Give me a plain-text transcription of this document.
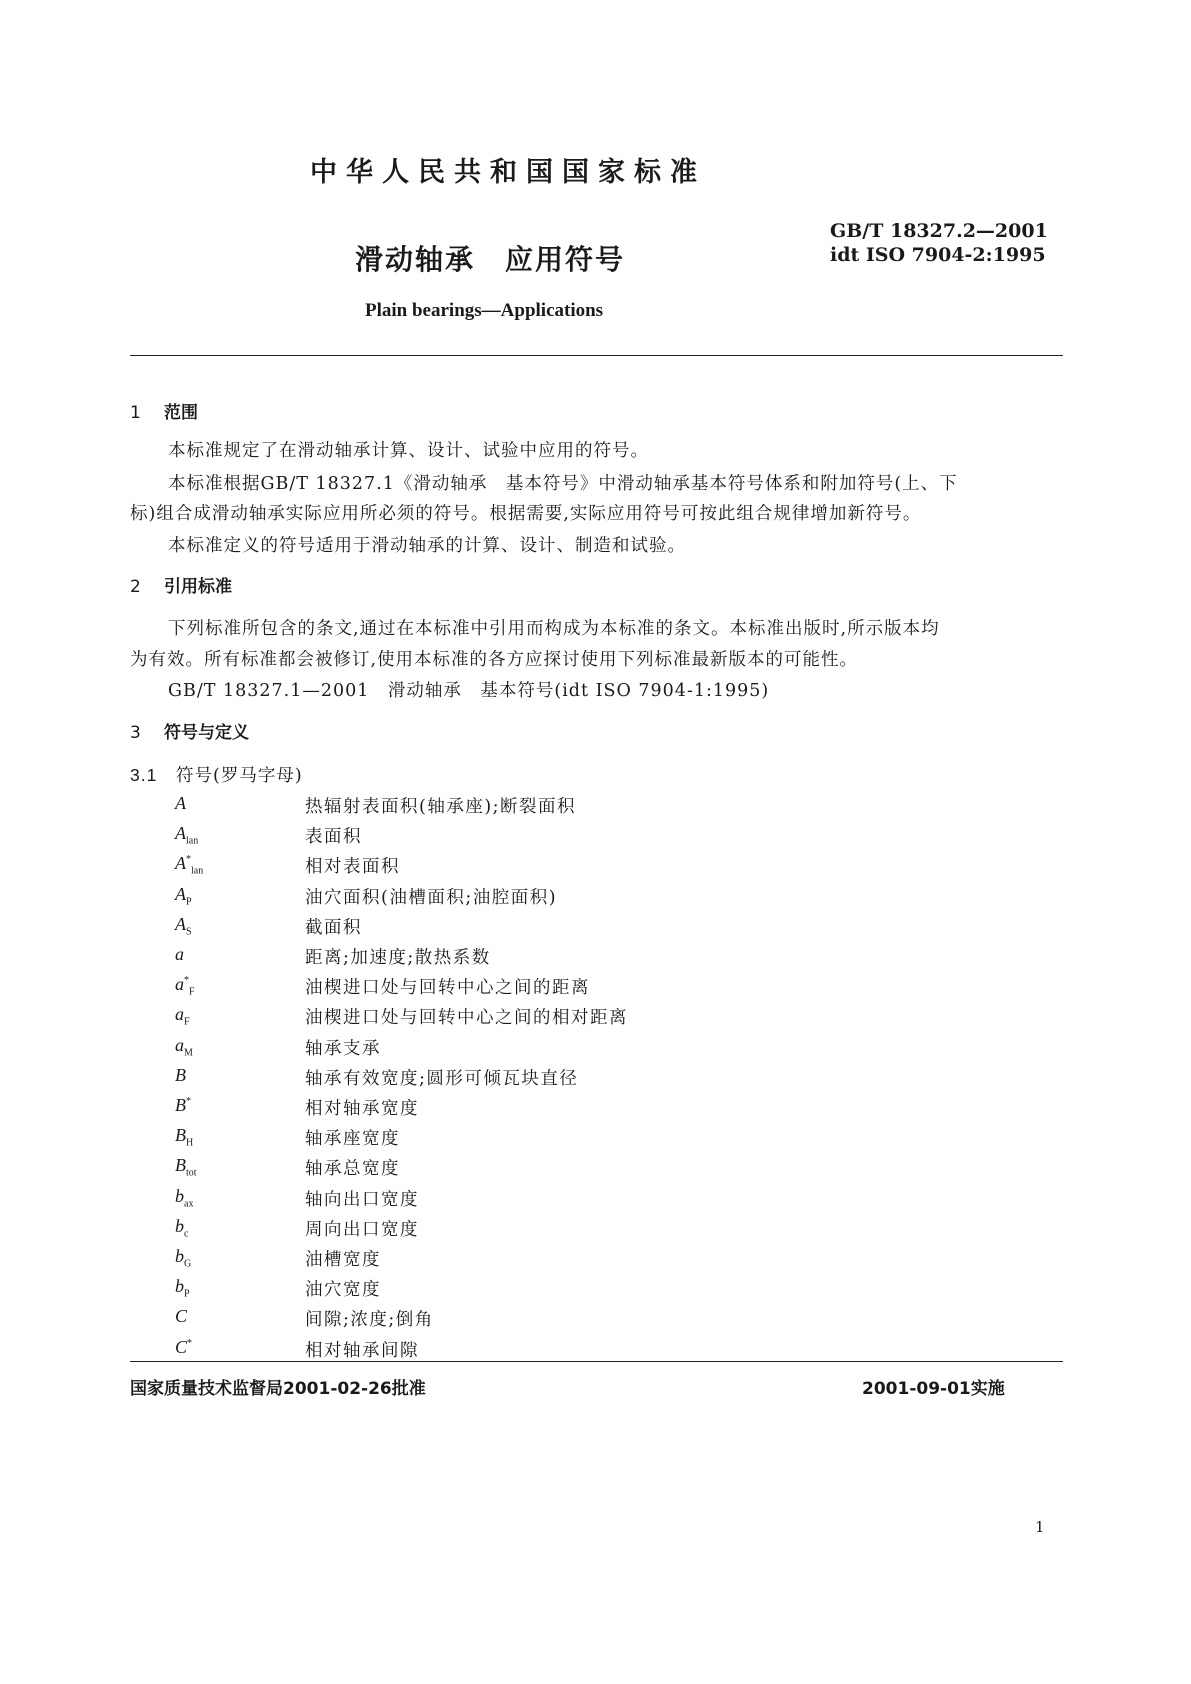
中华人民共和国国家标准
滑动轴承　应用符号
GB/T 18327.2—2001
idt ISO 7904-2:1995
Plain bearings—Applications
1 范围
本标准规定了在滑动轴承计算、设计、试验中应用的符号。
本标准根据GB/T 18327.1《滑动轴承　基本符号》中滑动轴承基本符号体系和附加符号(上、下
标)组合成滑动轴承实际应用所必须的符号。根据需要,实际应用符号可按此组合规律增加新符号。
本标准定义的符号适用于滑动轴承的计算、设计、制造和试验。
2 引用标准
下列标准所包含的条文,通过在本标准中引用而构成为本标准的条文。本标准出版时,所示版本均
为有效。所有标准都会被修订,使用本标准的各方应探讨使用下列标准最新版本的可能性。
GB/T 18327.1—2001　滑动轴承　基本符号(idt ISO 7904-1:1995)
3 符号与定义
3.1 符号(罗马字母)
A	热辐射表面积(轴承座);断裂面积
$A_{lan}$	表面积
$A^*_{lan}$	相对表面积
$A_P$	油穴面积(油槽面积;油腔面积)
$A_S$	截面积
a	距离;加速度;散热系数
$a^*_F$	油楔进口处与回转中心之间的距离
$a_F$	油楔进口处与回转中心之间的相对距离
$a_M$	轴承支承
B	轴承有效宽度;圆形可倾瓦块直径
B*	相对轴承宽度
$B_H$	轴承座宽度
$B_{tot}$	轴承总宽度
$b_{ax}$	轴向出口宽度
$b_c$	周向出口宽度
$b_G$	油槽宽度
$b_P$	油穴宽度
C	间隙;浓度;倒角
C*	相对轴承间隙
国家质量技术监督局2001-02-26批准	2001-09-01实施
1
